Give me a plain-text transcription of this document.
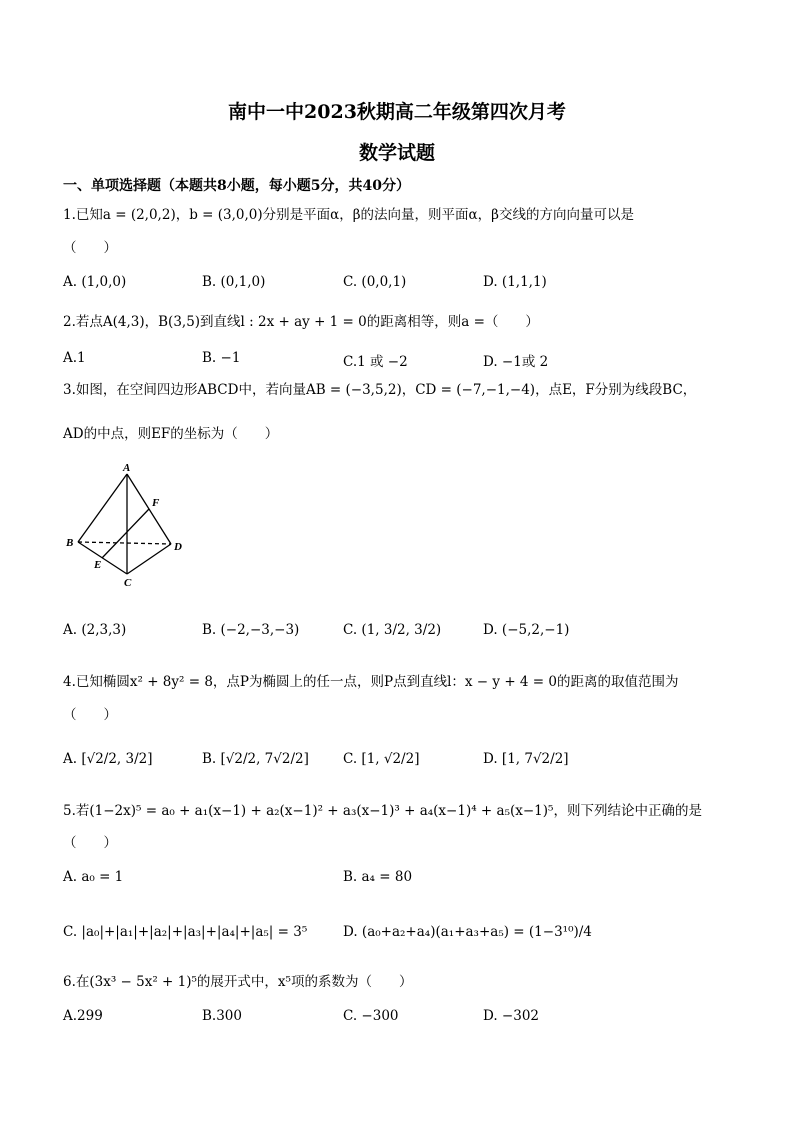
南中一中2023秋期高二年级第四次月考
数学试题
一、单项选择题（本题共8小题，每小题5分，共40分）
1.已知a = (2,0,2)，b = (3,0,0)分别是平面α，β的法向量，则平面α，β交线的方向向量可以是
（　　）
A. (1,0,0)	B. (0,1,0)	C. (0,0,1)	D. (1,1,1)
2.若点A(4,3)，B(3,5)到直线l : 2x + ay + 1 = 0的距离相等，则a =（　　）
A.1	B. −1	C.1 或 −2	D. −1或 2
3.如图，在空间四边形ABCD中，若向量AB = (−3,5,2)，CD = (−7,−1,−4)，点E，F分别为线段BC，
AD的中点，则EF的坐标为（　　）
A
B
C
D
E
F
A. (2,3,3)	B. (−2,−3,−3)	C. (1, 3/2, 3/2)	D. (−5,2,−1)
4.已知椭圆x² + 8y² = 8，点P为椭圆上的任一点，则P点到直线l：x − y + 4 = 0的距离的取值范围为
（　　）
A. [√2/2, 3/2]	B. [√2/2, 7√2/2]	C. [1, √2/2]	D. [1, 7√2/2]
5.若(1−2x)⁵ = a₀ + a₁(x−1) + a₂(x−1)² + a₃(x−1)³ + a₄(x−1)⁴ + a₅(x−1)⁵，则下列结论中正确的是
（　　）
A. a₀ = 1	B. a₄ = 80
C. |a₀|+|a₁|+|a₂|+|a₃|+|a₄|+|a₅| = 3⁵	D. (a₀+a₂+a₄)(a₁+a₃+a₅) = (1−3¹⁰)/4
6.在(3x³ − 5x² + 1)⁵的展开式中，x⁵项的系数为（　　）
A.299	B.300	C. −300	D. −302
